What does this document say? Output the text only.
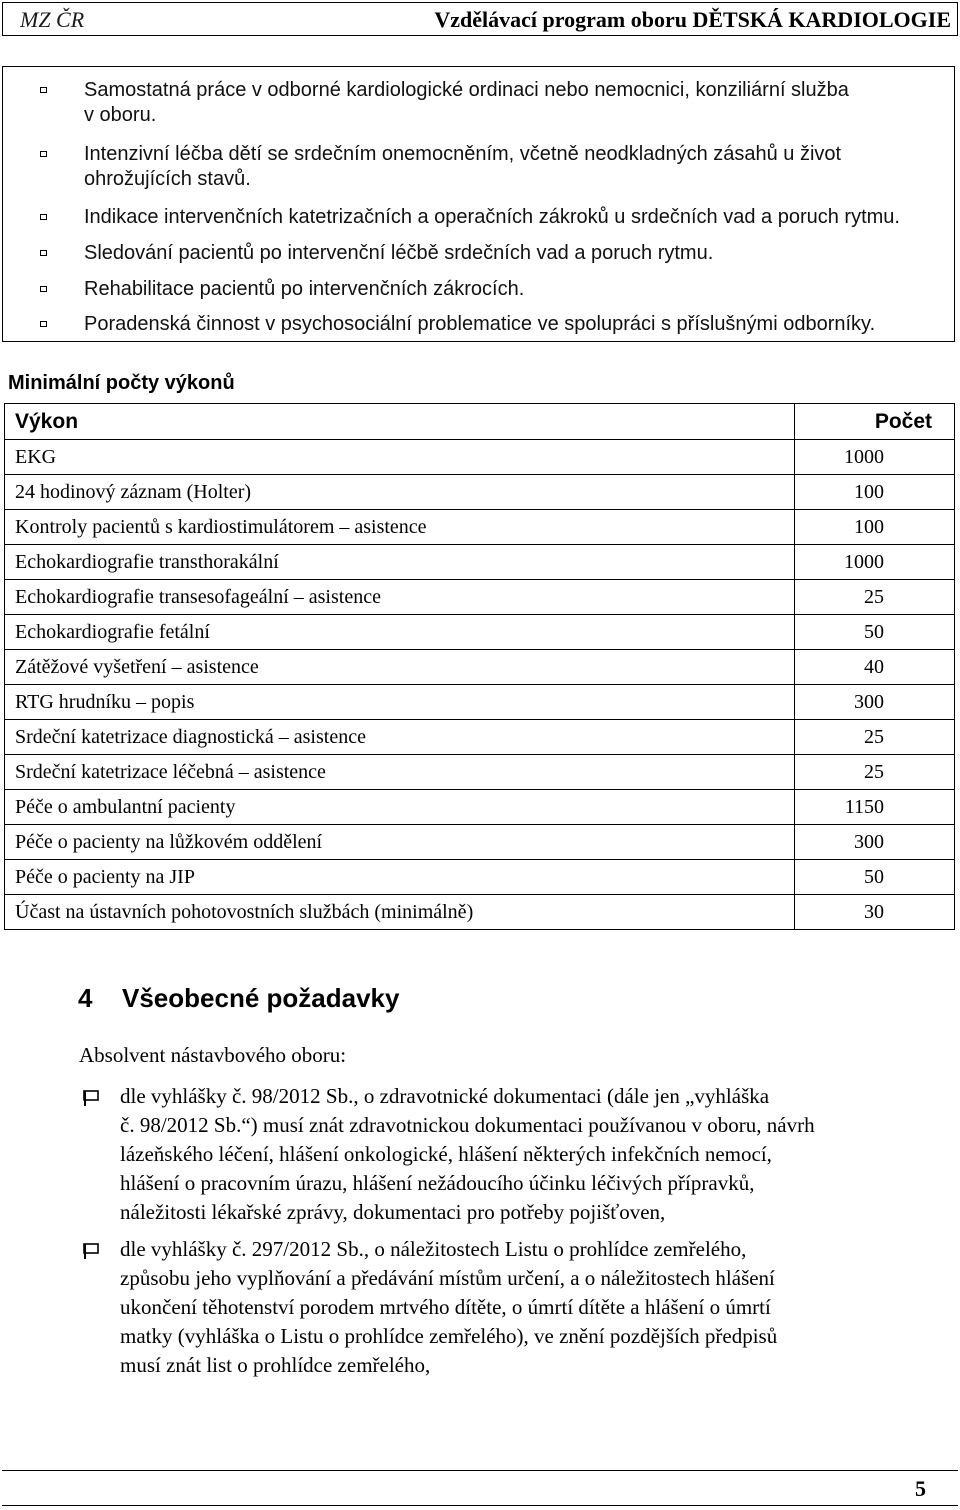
MZ ČR	Vzdělávací program oboru DĚTSKÁ KARDIOLOGIE
Samostatná práce v odborné kardiologické ordinaci nebo nemocnici, konziliární služba
v oboru.
Intenzivní léčba dětí se srdečním onemocněním, včetně neodkladných zásahů u život
ohrožujících stavů.
Indikace intervenčních katetrizačních a operačních zákroků u srdečních vad a poruch rytmu.
Sledování pacientů po intervenční léčbě srdečních vad a poruch rytmu.
Rehabilitace pacientů po intervenčních zákrocích.
Poradenská činnost v psychosociální problematice ve spolupráci s příslušnými odborníky.
Minimální počty výkonů
Výkon	Počet
EKG	1000
24 hodinový záznam (Holter)	100
Kontroly pacientů s kardiostimulátorem – asistence	100
Echokardiografie transthorakální	1000
Echokardiografie transesofageální – asistence	25
Echokardiografie fetální	50
Zátěžové vyšetření – asistence	40
RTG hrudníku – popis	300
Srdeční katetrizace diagnostická – asistence	25
Srdeční katetrizace léčebná – asistence	25
Péče o ambulantní pacienty	1150
Péče o pacienty na lůžkovém oddělení	300
Péče o pacienty na JIP	50
Účast na ústavních pohotovostních službách (minimálně)	30
4 Všeobecné požadavky
Absolvent nástavbového oboru:
dle vyhlášky č. 98/2012 Sb., o zdravotnické dokumentaci (dále jen „vyhláška
č. 98/2012 Sb.“) musí znát zdravotnickou dokumentaci používanou v oboru, návrh
lázeňského léčení, hlášení onkologické, hlášení některých infekčních nemocí,
hlášení o pracovním úrazu, hlášení nežádoucího účinku léčivých přípravků,
náležitosti lékařské zprávy, dokumentaci pro potřeby pojišťoven,
dle vyhlášky č. 297/2012 Sb., o náležitostech Listu o prohlídce zemřelého,
způsobu jeho vyplňování a předávání místům určení, a o náležitostech hlášení
ukončení těhotenství porodem mrtvého dítěte, o úmrtí dítěte a hlášení o úmrtí
matky (vyhláška o Listu o prohlídce zemřelého), ve znění pozdějších předpisů
musí znát list o prohlídce zemřelého,
5
